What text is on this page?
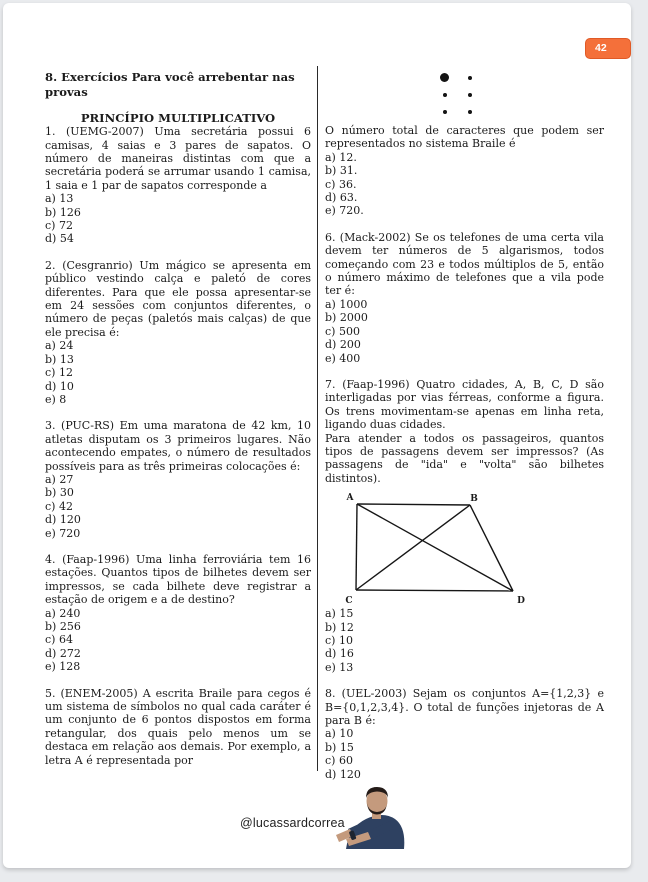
42

8. Exercícios Para você arrebentar nas provas

PRINCÍPIO MULTIPLICATIVO

1. (UEMG-2007) Uma secretária possui 6 camisas, 4 saias e 3 pares de sapatos. O número de maneiras distintas com que a secretária poderá se arrumar usando 1 camisa, 1 saia e 1 par de sapatos corresponde a

a) 13
b) 126
c) 72
d) 54

2. (Cesgranrio) Um mágico se apresenta em público vestindo calça e paletó de cores diferentes. Para que ele possa apresentar-se em 24 sessões com conjuntos diferentes, o número de peças (paletós mais calças) de que ele precisa é:

a) 24
b) 13
c) 12
d) 10
e) 8

3. (PUC-RS) Em uma maratona de 42 km, 10 atletas disputam os 3 primeiros lugares. Não acontecendo empates, o número de resultados possíveis para as três primeiras colocações é:

a) 27
b) 30
c) 42
d) 120
e) 720

4. (Faap-1996) Uma linha ferroviária tem 16 estações. Quantos tipos de bilhetes devem ser impressos, se cada bilhete deve registrar a estação de origem e a de destino?

a) 240
b) 256
c) 64
d) 272
e) 128

5. (ENEM-2005) A escrita Braile para cegos é um sistema de símbolos no qual cada caráter é um conjunto de 6 pontos dispostos em forma retangular, dos quais pelo menos um se destaca em relação aos demais. Por exemplo, a letra A é representada por

O número total de caracteres que podem ser representados no sistema Braile é

a) 12.
b) 31.
c) 36.
d) 63.
e) 720.

6. (Mack-2002) Se os telefones de uma certa vila devem ter números de 5 algarismos, todos começando com 23 e todos múltiplos de 5, então o número máximo de telefones que a vila pode ter é:

a) 1000
b) 2000
c) 500
d) 200
e) 400

7. (Faap-1996) Quatro cidades, A, B, C, D são interligadas por vias férreas, conforme a figura. Os trens movimentam-se apenas em linha reta, ligando duas cidades.

Para atender a todos os passageiros, quantos tipos de passagens devem ser impressos? (As passagens de "ida" e "volta" são bilhetes distintos).

A	B
C	D
a) 15
b) 12
c) 10
d) 16
e) 13

8. (UEL-2003) Sejam os conjuntos A={1,2,3} e B={0,1,2,3,4}. O total de funções injetoras de A para B é:

a) 10
b) 15
c) 60
d) 120
@lucassardcorrea
